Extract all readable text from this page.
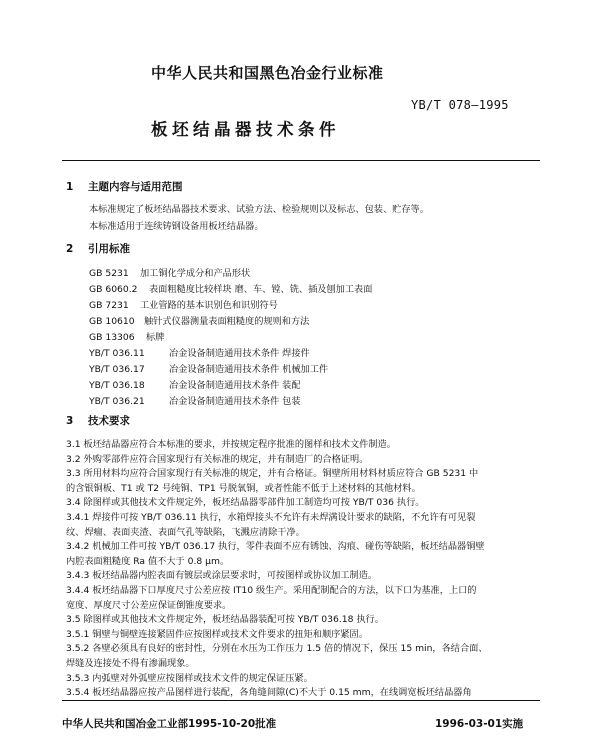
中华人民共和国黑色冶金行业标准
YB/T 078—1995
板坯结晶器技术条件
1 主题内容与适用范围
本标准规定了板坯结晶器技术要求、试验方法、检验规则以及标志、包装、贮存等。
本标准适用于连续铸钢设备用板坯结晶器。
2 引用标准
GB 5231 加工铜化学成分和产品形状
GB 6060.2 表面粗糙度比较样块 磨、车、镗、铣、插及刨加工表面
GB 7231 工业管路的基本识别色和识别符号
GB 10610 触针式仪器测量表面粗糙度的规则和方法
GB 13306 标牌
YB/T 036.11	冶金设备制造通用技术条件 焊接件
YB/T 036.17	冶金设备制造通用技术条件 机械加工件
YB/T 036.18	冶金设备制造通用技术条件 装配
YB/T 036.21	冶金设备制造通用技术条件 包装
3 技术要求
3.1 板坯结晶器应符合本标准的要求，并按规定程序批准的图样和技术文件制造。
3.2 外购零部件应符合国家现行有关标准的规定，并有制造厂的合格证明。
3.3 所用材料均应符合国家现行有关标准的规定，并有合格证。铜壁所用材料材质应符合 GB 5231 中
的含银铜板、T1 或 T2 号纯铜、TP1 号脱氧铜，或者性能不低于上述材料的其他材料。
3.4 除图样或其他技术文件规定外，板坯结晶器零部件加工制造均可按 YB/T 036 执行。
3.4.1 焊接件可按 YB/T 036.11 执行，水箱焊接头不允许有未焊满设计要求的缺陷，不允许有可见裂
纹、焊瘤、表面夹渣、表面气孔等缺陷，飞溅应清除干净。
3.4.2 机械加工件可按 YB/T 036.17 执行，零件表面不应有锈蚀、沟痕、碰伤等缺陷，板坯结晶器铜壁
内腔表面粗糙度 Ra 值不大于 0.8 μm。
3.4.3 板坯结晶器内腔表面有镀层或涂层要求时，可按图样或协议加工制造。
3.4.4 板坯结晶器下口厚度尺寸公差应按 IT10 级生产。采用配制配合的方法，以下口为基准，上口的
宽度、厚度尺寸公差应保证倒锥度要求。
3.5 除图样或其他技术文件规定外，板坯结晶器装配可按 YB/T 036.18 执行。
3.5.1 铜壁与铜壁连接紧固件应按图样或技术文件要求的扭矩和顺序紧固。
3.5.2 各壁必须具有良好的密封性，分别在水压为工作压力 1.5 倍的情况下，保压 15 min，各结合面、
焊缝及连接处不得有渗漏现象。
中华人民共和国冶金工业部1995-10-20批准	1996-03-01实施
3.5.3 内弧壁对外弧壁应按图样或技术文件的规定保证压紧。
3.5.4 板坯结晶器应按产品图样进行装配，各角缝间隙(C)不大于 0.15 mm，在线调宽板坯结晶器角
